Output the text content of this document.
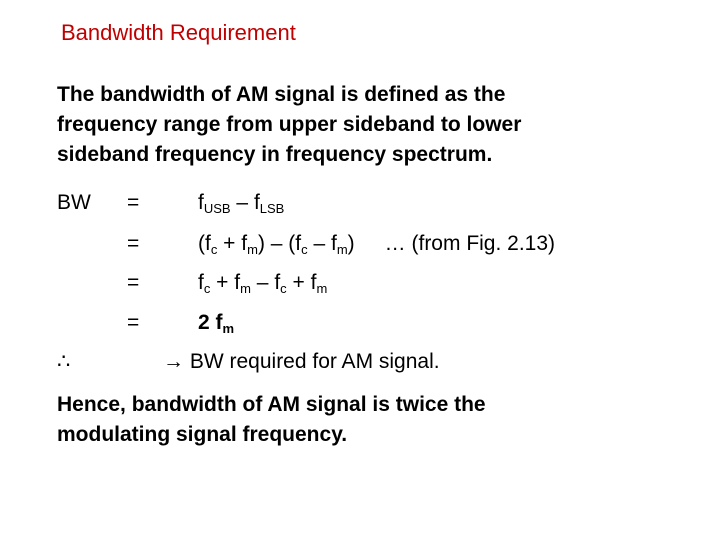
Bandwidth Requirement
The bandwidth of AM signal is defined as the
frequency range from upper sideband to lower
sideband frequency in frequency spectrum.
BW =	$f_{USB} - f_{LSB}$
=	$(f_c + f_m) - (f_c - f_m)$ … (from Fig. 2.13)
=	$f_c + f_m - f_c + f_m$
=	2 $f_m$
∴	→ BW required for AM signal.
Hence, bandwidth of AM signal is twice the
modulating signal frequency.
